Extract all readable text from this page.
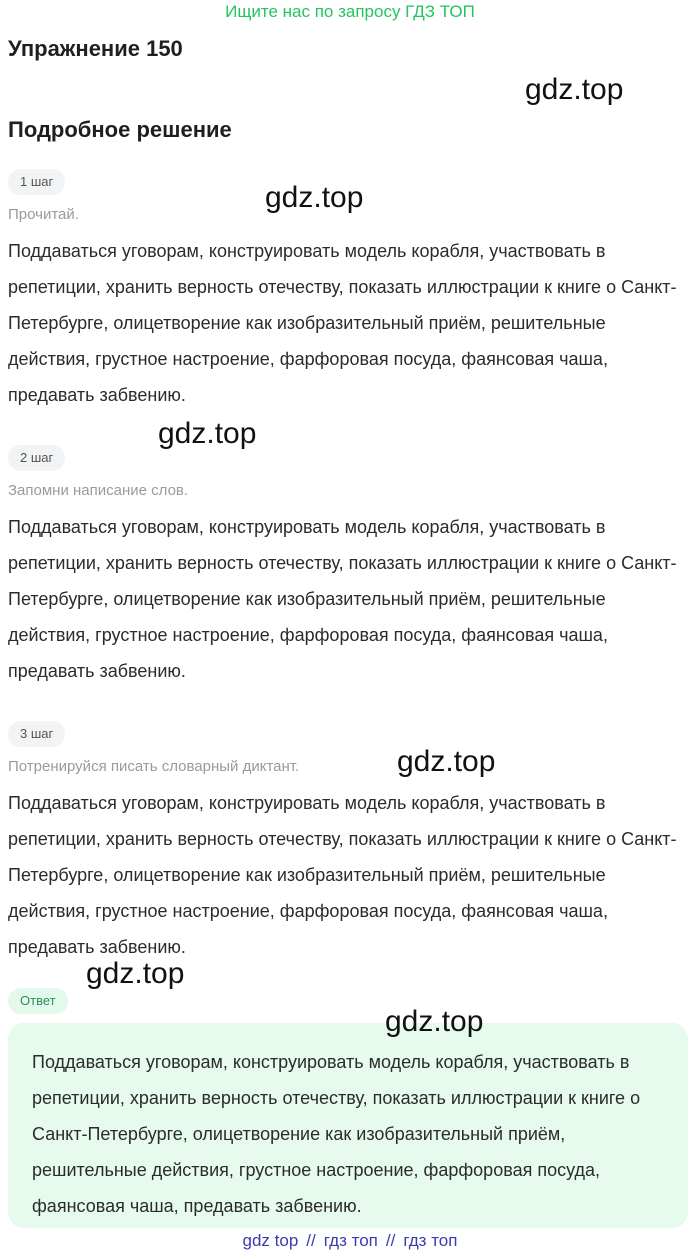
Ищите нас по запросу ГДЗ ТОП
Упражнение 150
gdz.top
Подробное решение
1 шаг	gdz.top
Прочитай.
Поддаваться уговорам, конструировать модель корабля, участвовать в репетиции, хранить верность отечеству, показать иллюстрации к книге о Санкт-Петербурге, олицетворение как изобразительный приём, решительные действия, грустное настроение, фарфоровая посуда, фаянсовая чаша, предавать забвению.
gdz.top
2 шаг
Запомни написание слов.
Поддаваться уговорам, конструировать модель корабля, участвовать в репетиции, хранить верность отечеству, показать иллюстрации к книге о Санкт-Петербурге, олицетворение как изобразительный приём, решительные действия, грустное настроение, фарфоровая посуда, фаянсовая чаша, предавать забвению.
3 шаг
gdz.top
Потренируйся писать словарный диктант.
Поддаваться уговорам, конструировать модель корабля, участвовать в репетиции, хранить верность отечеству, показать иллюстрации к книге о Санкт-Петербурге, олицетворение как изобразительный приём, решительные действия, грустное настроение, фарфоровая посуда, фаянсовая чаша, предавать забвению.
gdz.top
Ответ
Поддаваться уговорам, конструировать модель корабля, участвовать в репетиции, хранить верность отечеству, показать иллюстрации к книге о Санкт-Петербурге, олицетворение как изобразительный приём, решительные действия, грустное настроение, фарфоровая посуда, фаянсовая чаша, предавать забвению.
gdz.top
gdz top // гдз топ // гдз топ
